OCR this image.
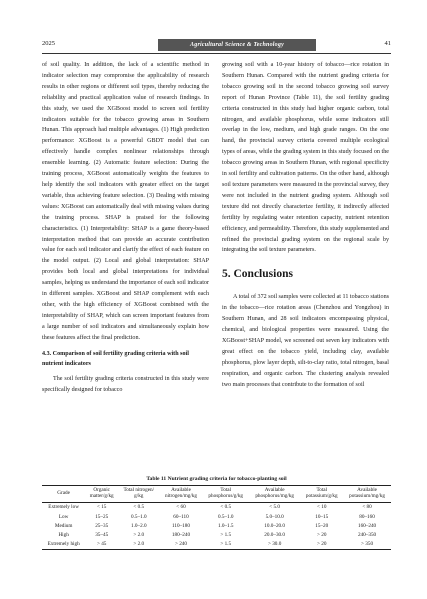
2025	Agricultural Science & Technology	41

of soil quality. In addition, the lack of a scientific method in indicator selection may compromise the applicability of research results in other regions or different soil types, thereby reducing the reliability and practical application value of research findings. In this study, we used the XGBoost model to screen soil fertility indicators suitable for the tobacco growing areas in Southern Hunan. This approach had multiple advantages. (1) High prediction performance: XGBoost is a powerful GBDT model that can effectively handle complex nonlinear relationships through ensemble learning. (2) Automatic feature selection: During the training process, XGBoost automatically weights the features to help identify the soil indicators with greater effect on the target variable, thus achieving feature selection. (3) Dealing with missing values: XGBoost can automatically deal with missing values during the training process. SHAP is praised for the following characteristics. (1) Interpretability: SHAP is a game theory-based interpretation method that can provide an accurate contribution value for each soil indicator and clarify the effect of each feature on the model output. (2) Local and global interpretation: SHAP provides both local and global interpretations for individual samples, helping us understand the importance of each soil indicator in different samples. XGBoost and SHAP complement with each other, with the high efficiency of XGBoost combined with the interpretability of SHAP, which can screen important features from a large number of soil indicators and simultaneously explain how these features affect the final prediction.

4.3. Comparison of soil fertility grading criteria with soil nutrient indicators

The soil fertility grading criteria constructed in this study were specifically designed for tobacco

growing soil with a 10-year history of tobacco—rice rotation in Southern Hunan. Compared with the nutrient grading criteria for tobacco growing soil in the second tobacco growing soil survey report of Hunan Province (Table 11), the soil fertility grading criteria constructed in this study had higher organic carbon, total nitrogen, and available phosphorus, while some indicators still overlap in the low, medium, and high grade ranges. On the one hand, the provincial survey criteria covered multiple ecological types of areas, while the grading system in this study focused on the tobacco growing areas in Southern Hunan, with regional specificity in soil fertility and cultivation patterns. On the other hand, although soil texture parameters were measured in the provincial survey, they were not included in the nutrient grading system. Although soil texture did not directly characterize fertility, it indirectly affected fertility by regulating water retention capacity, nutrient retention efficiency, and permeability. Therefore, this study supplemented and refined the provincial grading system on the regional scale by integrating the soil texture parameters.

5. Conclusions

A total of 372 soil samples were collected at 11 tobacco stations in the tobacco—rice rotation areas (Chenzhou and Yongzhou) in Southern Hunan, and 28 soil indicators encompassing physical, chemical, and biological properties were measured. Using the XGBoost+SHAP model, we screened out seven key indicators with great effect on the tobacco yield, including clay, available phosphorus, plow layer depth, silt-to-clay ratio, total nitrogen, basal respiration, and organic carbon. The clustering analysis revealed two main processes that contribute to the formation of soil

Table 11 Nutrient grading criteria for tobacco-planting soil
Grade	Organic
matter/g/kg	Total nitrogen/
g/kg	Available
nitrogen/mg/kg	Total
phosphorus/g/kg	Available
phosphorus/mg/kg	Total
potassium/g/kg	Available
potassium/mg/kg
Extremely low	< 15	< 0.5	< 60	< 0.5	< 5.0	< 10	< 80
Low	15–25	0.5–1.0	60–110	0.5–1.0	5.0–10.0	10–15	80–160
Medium	25–35	1.0–2.0	110–180	1.0–1.5	10.0–20.0	15–20	160–240
High	35–45	> 2.0	180–240	> 1.5	20.0–30.0	> 20	240–350
Extremely high	> 45	> 2.0	> 240	> 1.5	> 30.0	> 20	> 350
